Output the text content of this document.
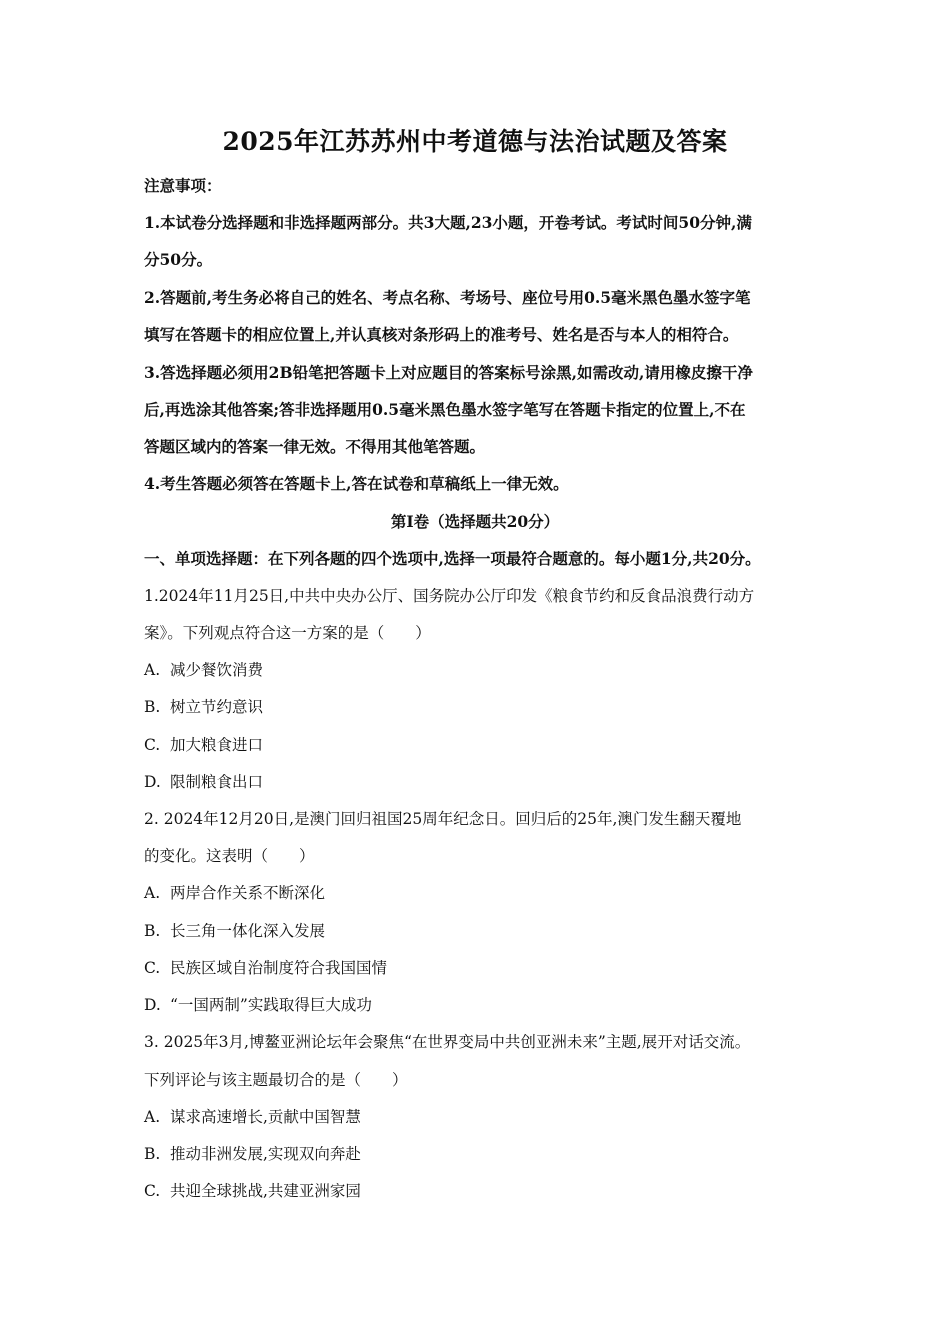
2025年江苏苏州中考道德与法治试题及答案
注意事项：
1.本试卷分选择题和非选择题两部分。共3大题,23小题，开卷考试。考试时间50分钟,满
分50分。
2.答题前,考生务必将自己的姓名、考点名称、考场号、座位号用0.5毫米黑色墨水签字笔
填写在答题卡的相应位置上,并认真核对条形码上的准考号、姓名是否与本人的相符合。
3.答选择题必须用2B铅笔把答题卡上对应题目的答案标号涂黑,如需改动,请用橡皮擦干净
后,再选涂其他答案;答非选择题用0.5毫米黑色墨水签字笔写在答题卡指定的位置上,不在
答题区域内的答案一律无效。不得用其他笔答题。
4.考生答题必须答在答题卡上,答在试卷和草稿纸上一律无效。
第Ⅰ卷（选择题共20分）
一、单项选择题：在下列各题的四个选项中,选择一项最符合题意的。每小题1分,共20分。
1.2024年11月25日,中共中央办公厅、国务院办公厅印发《粮食节约和反食品浪费行动方
案》。下列观点符合这一方案的是（　　）
A. 减少餐饮消费
B. 树立节约意识
C. 加大粮食进口
D. 限制粮食出口
2. 2024年12月20日,是澳门回归祖国25周年纪念日。回归后的25年,澳门发生翻天覆地
的变化。这表明（　　）
A. 两岸合作关系不断深化
B. 长三角一体化深入发展
C. 民族区域自治制度符合我国国情
D. “一国两制”实践取得巨大成功
3. 2025年3月,博鳌亚洲论坛年会聚焦“在世界变局中共创亚洲未来”主题,展开对话交流。
下列评论与该主题最切合的是（　　）
A. 谋求高速增长,贡献中国智慧
B. 推动非洲发展,实现双向奔赴
C. 共迎全球挑战,共建亚洲家园
